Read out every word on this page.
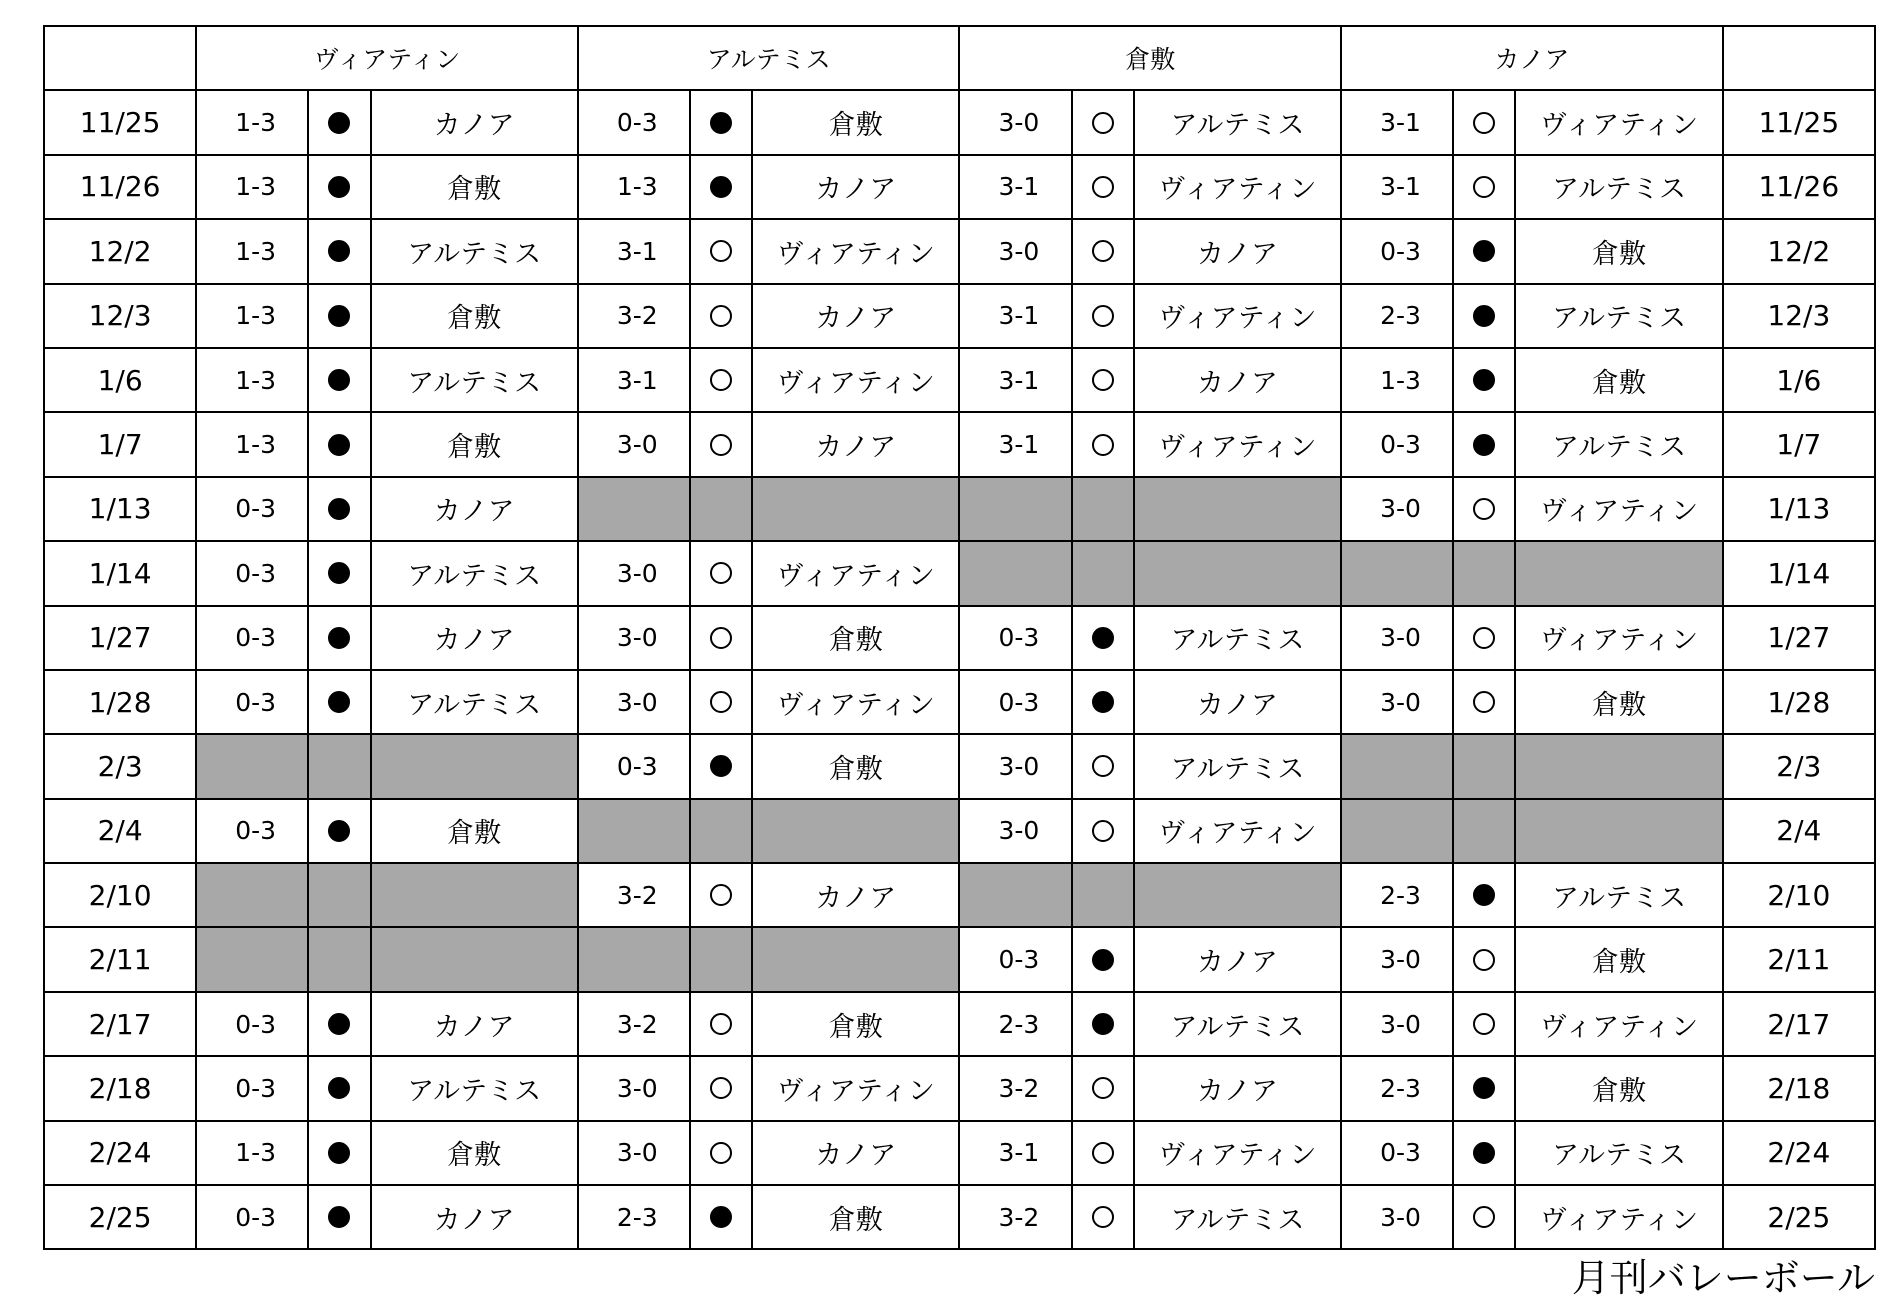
	ヴィアティン			アルテミス			倉敷			カノア			
11/25	1-3		カノア	0-3		倉敷	3-0		アルテミス	3-1		ヴィアティン	11/25
11/26	1-3		倉敷	1-3		カノア	3-1		ヴィアティン	3-1		アルテミス	11/26
12/2	1-3		アルテミス	3-1		ヴィアティン	3-0		カノア	0-3		倉敷	12/2
12/3	1-3		倉敷	3-2		カノア	3-1		ヴィアティン	2-3		アルテミス	12/3
1/6	1-3		アルテミス	3-1		ヴィアティン	3-1		カノア	1-3		倉敷	1/6
1/7	1-3		倉敷	3-0		カノア	3-1		ヴィアティン	0-3		アルテミス	1/7
1/13	0-3		カノア							3-0		ヴィアティン	1/13
1/14	0-3		アルテミス	3-0		ヴィアティン							1/14
1/27	0-3		カノア	3-0		倉敷	0-3		アルテミス	3-0		ヴィアティン	1/27
1/28	0-3		アルテミス	3-0		ヴィアティン	0-3		カノア	3-0		倉敷	1/28
2/3				0-3		倉敷	3-0		アルテミス				2/3
2/4	0-3		倉敷				3-0		ヴィアティン				2/4
2/10				3-2		カノア				2-3		アルテミス	2/10
2/11							0-3		カノア	3-0		倉敷	2/11
2/17	0-3		カノア	3-2		倉敷	2-3		アルテミス	3-0		ヴィアティン	2/17
2/18	0-3		アルテミス	3-0		ヴィアティン	3-2		カノア	2-3		倉敷	2/18
2/24	1-3		倉敷	3-0		カノア	3-1		ヴィアティン	0-3		アルテミス	2/24
2/25	0-3		カノア	2-3		倉敷	3-2		アルテミス	3-0		ヴィアティン	2/25
月刊バレーボール
